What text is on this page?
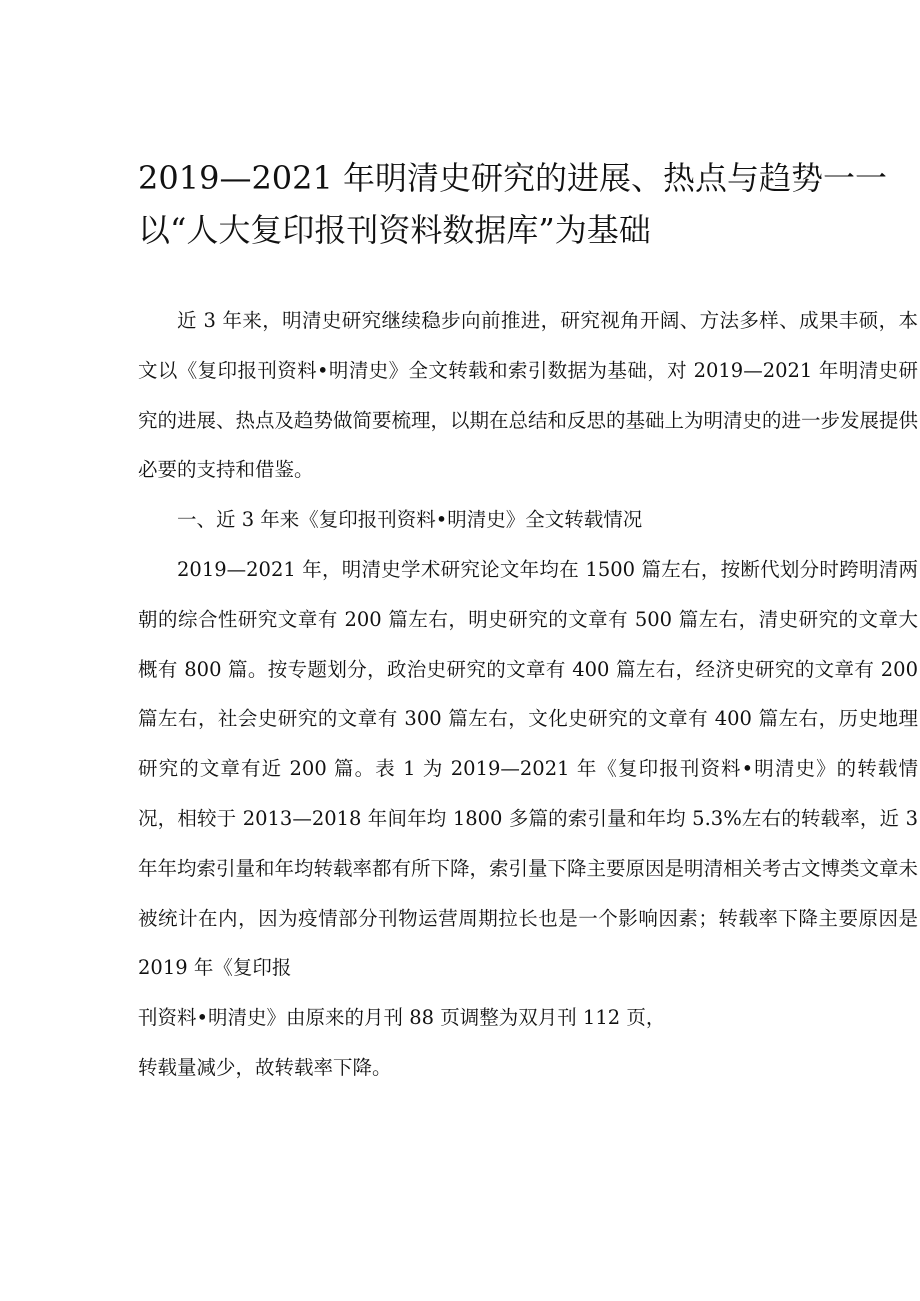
2019—2021 年明清史研究的进展、热点与趋势一一
以“人大复印报刊资料数据库”为基础

近 3 年来，明清史研究继续稳步向前推进，研究视角开阔、方法多样、成果丰硕，本文以《复印报刊资料•明清史》全文转载和索引数据为基础，对 2019—2021 年明清史研究的进展、热点及趋势做简要梳理，以期在总结和反思的基础上为明清史的进一步发展提供必要的支持和借鉴。

一、近 3 年来《复印报刊资料•明清史》全文转载情况

2019—2021 年，明清史学术研究论文年均在 1500 篇左右，按断代划分时跨明清两朝的综合性研究文章有 200 篇左右，明史研究的文章有 500 篇左右，清史研究的文章大概有 800 篇。按专题划分，政治史研究的文章有 400 篇左右，经济史研究的文章有 200 篇左右，社会史研究的文章有 300 篇左右，文化史研究的文章有 400 篇左右，历史地理研究的文章有近 200 篇。表 1 为 2019—2021 年《复印报刊资料•明清史》的转载情况，相较于 2013—2018 年间年均 1800 多篇的索引量和年均 5.3%左右的转载率，近 3 年年均索引量和年均转载率都有所下降，索引量下降主要原因是明清相关考古文博类文章未被统计在内，因为疫情部分刊物运营周期拉长也是一个影响因素；转载率下降主要原因是 2019 年《复印报

刊资料•明清史》由原来的月刊 88 页调整为双月刊 112 页，

转载量减少，故转载率下降。
